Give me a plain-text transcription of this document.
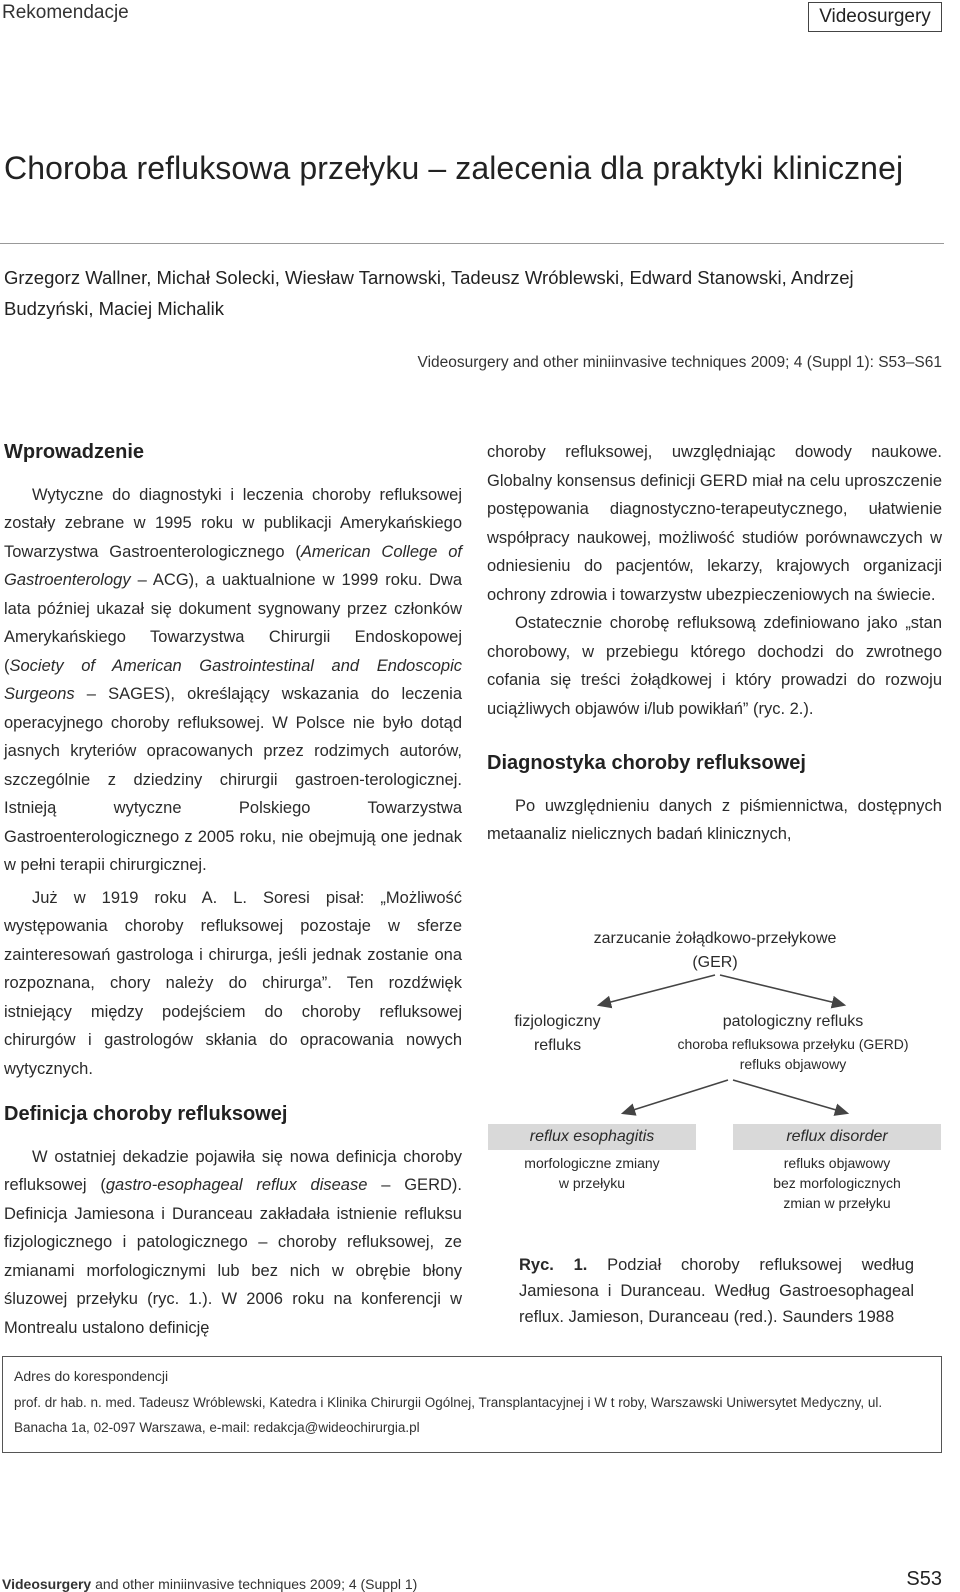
Rekomendacje	Videosurgery
Choroba refluksowa przełyku – zalecenia dla praktyki klinicznej
Grzegorz Wallner, Michał Solecki, Wiesław Tarnowski, Tadeusz Wróblewski, Edward Stanowski, Andrzej Budzyński, Maciej Michalik
Videosurgery and other miniinvasive techniques 2009; 4 (Suppl 1): S53–S61
Wprowadzenie

Wytyczne do diagnostyki i leczenia choroby refluksowej zostały zebrane w 1995 roku w publikacji Amerykańskiego Towarzystwa Gastroenterologicznego (American College of Gastroenterology – ACG), a uaktualnione w 1999 roku. Dwa lata później ukazał się dokument sygnowany przez członków Amerykańskiego Towarzystwa Chirurgii Endoskopowej (Society of American Gastrointestinal and Endoscopic Surgeons – SAGES), określający wskazania do leczenia operacyjnego choroby refluksowej. W Polsce nie było dotąd jasnych kryteriów opracowanych przez rodzimych autorów, szczególnie z dziedziny chirurgii gastroen-terologicznej. Istnieją wytyczne Polskiego Towarzystwa Gastroenterologicznego z 2005 roku, nie obejmują one jednak w pełni terapii chirurgicznej.

Już w 1919 roku A. L. Soresi pisał: „Możliwość występowania choroby refluksowej pozostaje w sferze zainteresowań gastrologa i chirurga, jeśli jednak zostanie ona rozpoznana, chory należy do chirurga”. Ten rozdźwięk istniejący między podejściem do choroby refluksowej chirurgów i gastrologów skłania do opracowania nowych wytycznych.

Definicja choroby refluksowej

W ostatniej dekadzie pojawiła się nowa definicja choroby refluksowej (gastro-esophageal reflux disease – GERD). Definicja Jamiesona i Duranceau zakładała istnienie refluksu fizjologicznego i patologicznego – choroby refluksowej, ze zmianami morfologicznymi lub bez nich w obrębie błony śluzowej przełyku (ryc. 1.). W 2006 roku na konferencji w Montrealu ustalono definicję

choroby refluksowej, uwzględniając dowody naukowe. Globalny konsensus definicji GERD miał na celu uproszczenie postępowania diagnostyczno-terapeutycznego, ułatwienie współpracy naukowej, możliwość studiów porównawczych w odniesieniu do pacjentów, lekarzy, krajowych organizacji ochrony zdrowia i towarzystw ubezpieczeniowych na świecie.

Ostatecznie chorobę refluksową zdefiniowano jako „stan chorobowy, w przebiegu którego dochodzi do zwrotnego cofania się treści żołądkowej i który prowadzi do rozwoju uciążliwych objawów i/lub powikłań” (ryc. 2.).

Diagnostyka choroby refluksowej

Po uwzględnieniu danych z piśmiennictwa, dostępnych metaanaliz nielicznych badań klinicznych,

zarzucanie żołądkowo-przełykowe
(GER)
fizjologiczny
refluks
patologiczny refluks
choroba refluksowa przełyku (GERD)
refluks objawowy
reflux esophagitis
morfologiczne zmiany
w przełyku
reflux disorder
refluks objawowy
bez morfologicznych
zmian w przełyku
Ryc. 1. Podział choroby refluksowej według Jamiesona i Duranceau. Według Gastroesophageal reflux. Jamieson, Duranceau (red.). Saunders 1988
Adres do korespondencji
prof. dr hab. n. med. Tadeusz Wróblewski, Katedra i Klinika Chirurgii Ogólnej, Transplantacyjnej i W t roby, Warszawski Uniwersytet Medyczny, ul. Banacha 1a, 02-097 Warszawa, e-mail: redakcja@wideochirurgia.pl
Videosurgery and other miniinvasive techniques 2009; 4 (Suppl 1)	S53
